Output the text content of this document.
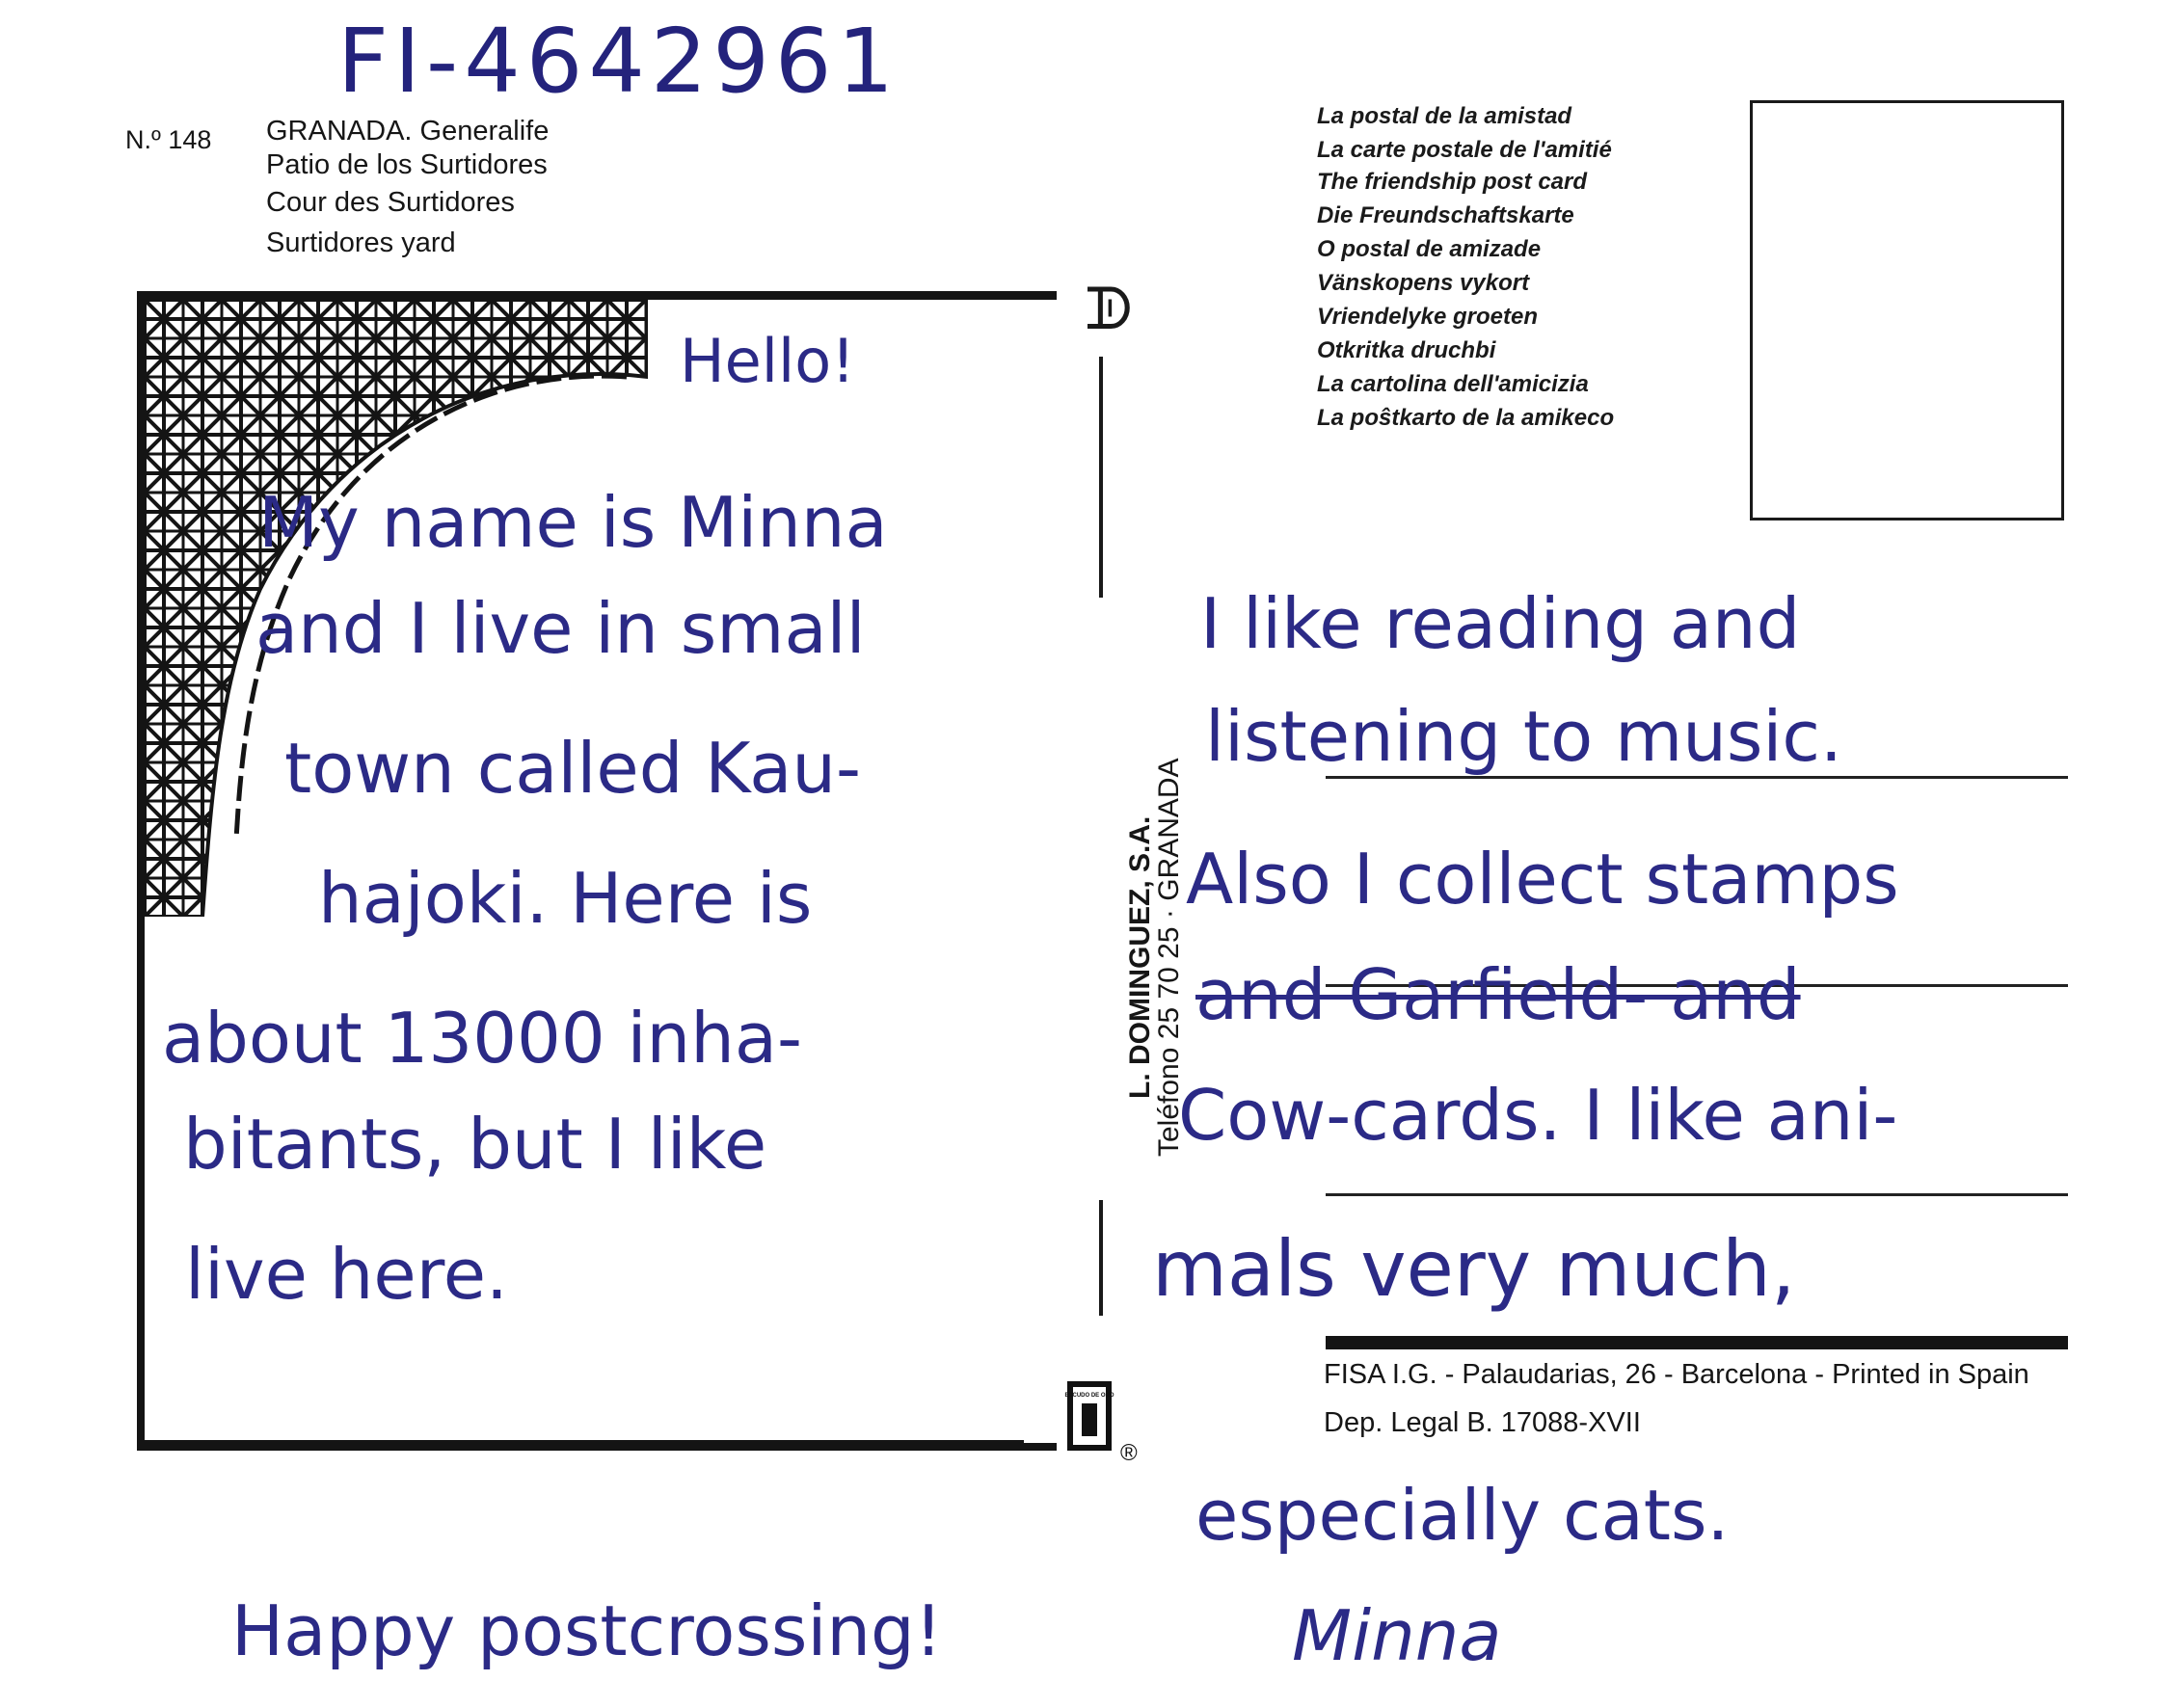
FI-4642961
N.º 148 GRANADA. Generalife
Patio de los Surtidores
Cour des Surtidores
Surtidores yard
La postal de la amistad
La carte postale de l'amitié
The friendship post card
Die Freundschaftskarte
O postal de amizade
Vänskopens vykort
Vriendelyke groeten
Otkritka druchbi
La cartolina dell'amicizia
La poŝtkarto de la amikeco
ᗫ
L. DOMINGUEZ, S.A.
Teléfono 25 70 25 · GRANADA
FISA I.G. - Palaudarias, 26 - Barcelona - Printed in Spain
Dep. Legal B. 17088-XVII
ESCUDO DE ORO
®
Hello!
My name is Minna
and I live in small
town called Kau-
hajoki. Here is
about 13000 inha-
bitants, but I like
live here.
I like reading and
listening to music.
Also I collect stamps
and Garfield- and
Cow-cards. I like ani-
mals very much,
especially cats.
Happy postcrossing!	Minna
